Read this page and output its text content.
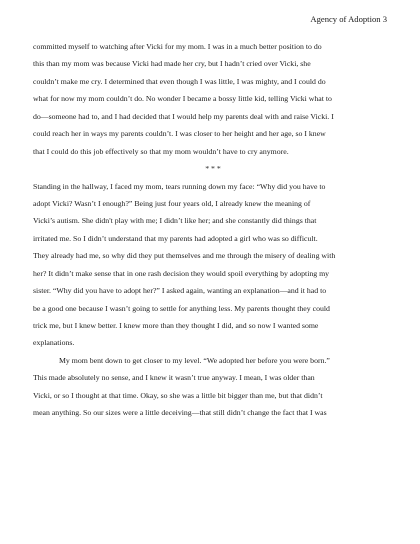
Agency of Adoption 3
committed myself to watching after Vicki for my mom. I was in a much better position to do
this than my mom was because Vicki had made her cry, but I hadn’t cried over Vicki, she
couldn’t make me cry. I determined that even though I was little, I was mighty, and I could do
what for now my mom couldn’t do. No wonder I became a bossy little kid, telling Vicki what to
do—someone had to, and I had decided that I would help my parents deal with and raise Vicki. I
could reach her in ways my parents couldn’t. I was closer to her height and her age, so I knew
that I could do this job effectively so that my mom wouldn’t have to cry anymore.
* * *
Standing in the hallway, I faced my mom, tears running down my face: “Why did you have to
adopt Vicki? Wasn’t I enough?” Being just four years old, I already knew the meaning of
Vicki’s autism. She didn't play with me; I didn’t like her; and she constantly did things that
irritated me. So I didn’t understand that my parents had adopted a girl who was so difficult.
They already had me, so why did they put themselves and me through the misery of dealing with
her? It didn’t make sense that in one rash decision they would spoil everything by adopting my
sister. “Why did you have to adopt her?” I asked again, wanting an explanation—and it had to
be a good one because I wasn’t going to settle for anything less. My parents thought they could
trick me, but I knew better. I knew more than they thought I did, and so now I wanted some
explanations.
My mom bent down to get closer to my level. “We adopted her before you were born.”
This made absolutely no sense, and I knew it wasn’t true anyway. I mean, I was older than
Vicki, or so I thought at that time. Okay, so she was a little bit bigger than me, but that didn’t
mean anything. So our sizes were a little deceiving—that still didn’t change the fact that I was
